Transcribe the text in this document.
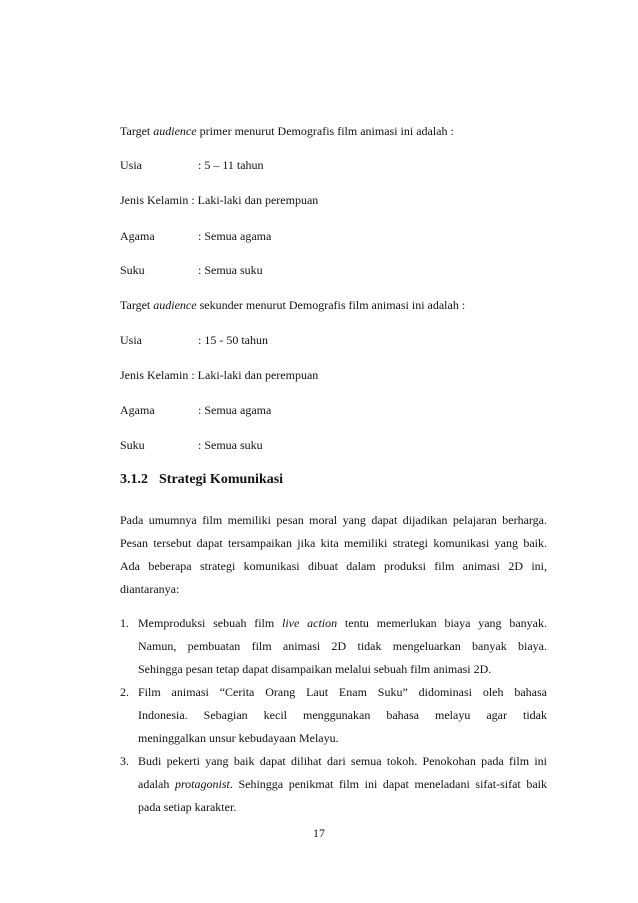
Target audience primer menurut Demografis film animasi ini adalah :
Usia	: 5 – 11 tahun
Jenis Kelamin : Laki-laki dan perempuan
Agama	: Semua agama
Suku	: Semua suku
Target audience sekunder menurut Demografis film animasi ini adalah :
Usia	: 15 - 50 tahun
Jenis Kelamin : Laki-laki dan perempuan
Agama	: Semua agama
Suku	: Semua suku
3.1.2 Strategi Komunikasi
Pada umumnya film memiliki pesan moral yang dapat dijadikan pelajaran berharga.
Pesan tersebut dapat tersampaikan jika kita memiliki strategi komunikasi yang baik.
Ada beberapa strategi komunikasi dibuat dalam produksi film animasi 2D ini,
diantaranya:
1. Memproduksi sebuah film live action tentu memerlukan biaya yang banyak.
Namun, pembuatan film animasi 2D tidak mengeluarkan banyak biaya.
Sehingga pesan tetap dapat disampaikan melalui sebuah film animasi 2D.
2. Film animasi “Cerita Orang Laut Enam Suku” didominasi oleh bahasa
Indonesia. Sebagian kecil menggunakan bahasa melayu agar tidak
meninggalkan unsur kebudayaan Melayu.
3. Budi pekerti yang baik dapat dilihat dari semua tokoh. Penokohan pada film ini
adalah protagonist. Sehingga penikmat film ini dapat meneladani sifat-sifat baik
pada setiap karakter.
17
